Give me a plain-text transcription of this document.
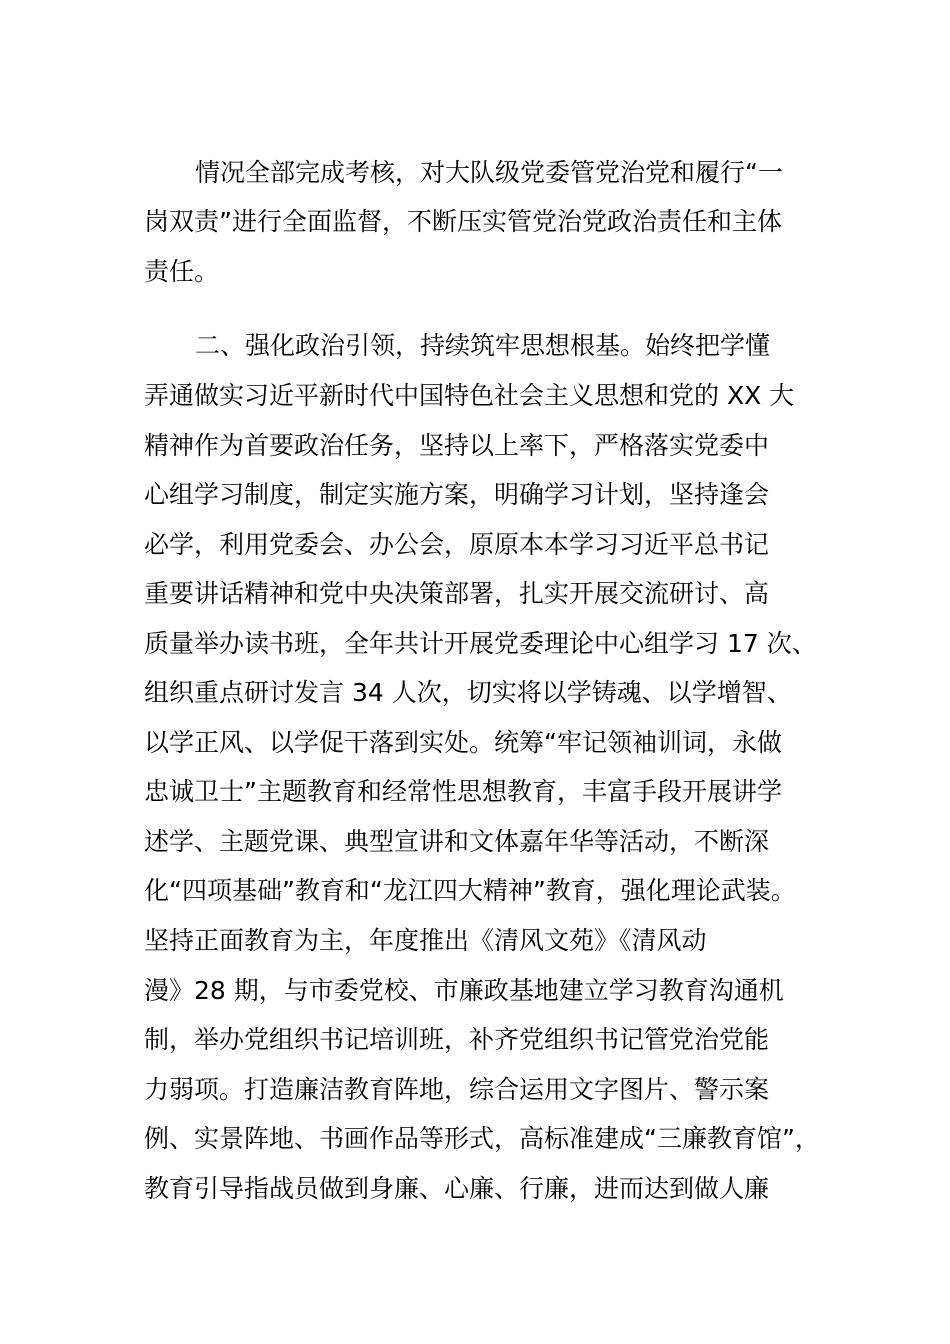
情况全部完成考核，对大队级党委管党治党和履行“一
岗双责”进行全面监督，不断压实管党治党政治责任和主体
责任。
二、强化政治引领，持续筑牢思想根基。始终把学懂
弄通做实习近平新时代中国特色社会主义思想和党的 XX 大
精神作为首要政治任务，坚持以上率下，严格落实党委中
心组学习制度，制定实施方案，明确学习计划，坚持逢会
必学，利用党委会、办公会，原原本本学习习近平总书记
重要讲话精神和党中央决策部署，扎实开展交流研讨、高
质量举办读书班，全年共计开展党委理论中心组学习 17 次、
组织重点研讨发言 34 人次，切实将以学铸魂、以学增智、
以学正风、以学促干落到实处。统筹“牢记领袖训词，永做
忠诚卫士”主题教育和经常性思想教育，丰富手段开展讲学
述学、主题党课、典型宣讲和文体嘉年华等活动，不断深
化“四项基础”教育和“龙江四大精神”教育，强化理论武装。
坚持正面教育为主，年度推出《清风文苑》《清风动
漫》28 期，与市委党校、市廉政基地建立学习教育沟通机
制，举办党组织书记培训班，补齐党组织书记管党治党能
力弱项。打造廉洁教育阵地，综合运用文字图片、警示案
例、实景阵地、书画作品等形式，高标准建成“三廉教育馆”，
教育引导指战员做到身廉、心廉、行廉，进而达到做人廉
